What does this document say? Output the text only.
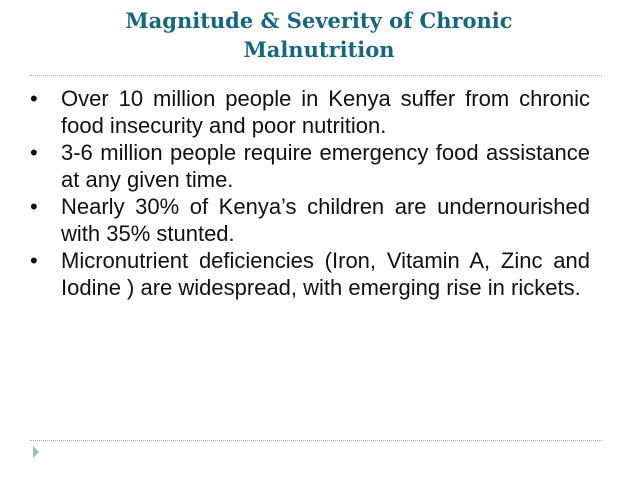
Magnitude & Severity of Chronic
Malnutrition
•	Over 10 million people in Kenya suffer from chronic food insecurity and poor nutrition.
•	3-6 million people require emergency food assistance at any given time.
•	Nearly 30% of Kenya’s children are undernourished with 35% stunted.
•	Micronutrient deficiencies (Iron, Vitamin A, Zinc and Iodine ) are widespread, with emerging rise in rickets.
